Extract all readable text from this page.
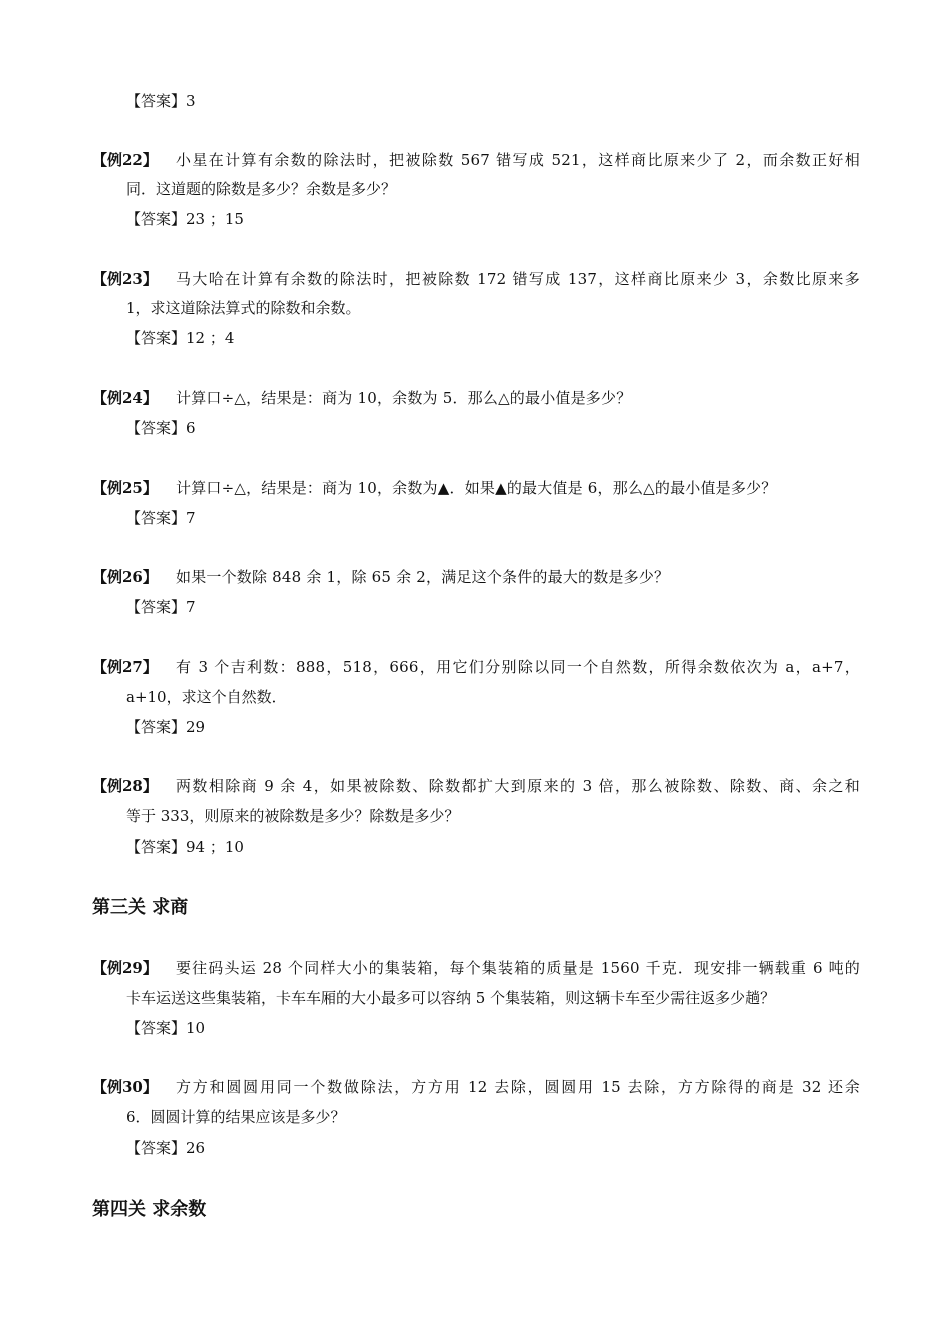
【答案】3
【例22】 小星在计算有余数的除法时，把被除数 567 错写成 521，这样商比原来少了 2，而余数正好相
同．这道题的除数是多少？余数是多少？
【答案】23 ；15
【例23】 马大哈在计算有余数的除法时，把被除数 172 错写成 137，这样商比原来少 3，余数比原来多
1，求这道除法算式的除数和余数。
【答案】12 ；4
【例24】 计算口÷△，结果是：商为 10，余数为 5．那么△的最小值是多少？
【答案】6
【例25】 计算口÷△，结果是：商为 10，余数为▲．如果▲的最大值是 6，那么△的最小值是多少？
【答案】7
【例26】 如果一个数除 848 余 1，除 65 余 2，满足这个条件的最大的数是多少？
【答案】7
【例27】 有 3 个吉利数：888，518，666，用它们分别除以同一个自然数，所得余数依次为 a，a+7，
a+10，求这个自然数．
【答案】29
【例28】 两数相除商 9 余 4，如果被除数、除数都扩大到原来的 3 倍，那么被除数、除数、商、余之和
等于 333，则原来的被除数是多少？除数是多少？
【答案】94 ；10
第三关 求商
【例29】 要往码头运 28 个同样大小的集装箱，每个集装箱的质量是 1560 千克．现安排一辆载重 6 吨的
卡车运送这些集装箱，卡车车厢的大小最多可以容纳 5 个集装箱，则这辆卡车至少需往返多少趟？
【答案】10
【例30】 方方和圆圆用同一个数做除法，方方用 12 去除，圆圆用 15 去除，方方除得的商是 32 还余
6．圆圆计算的结果应该是多少？
【答案】26
第四关 求余数
